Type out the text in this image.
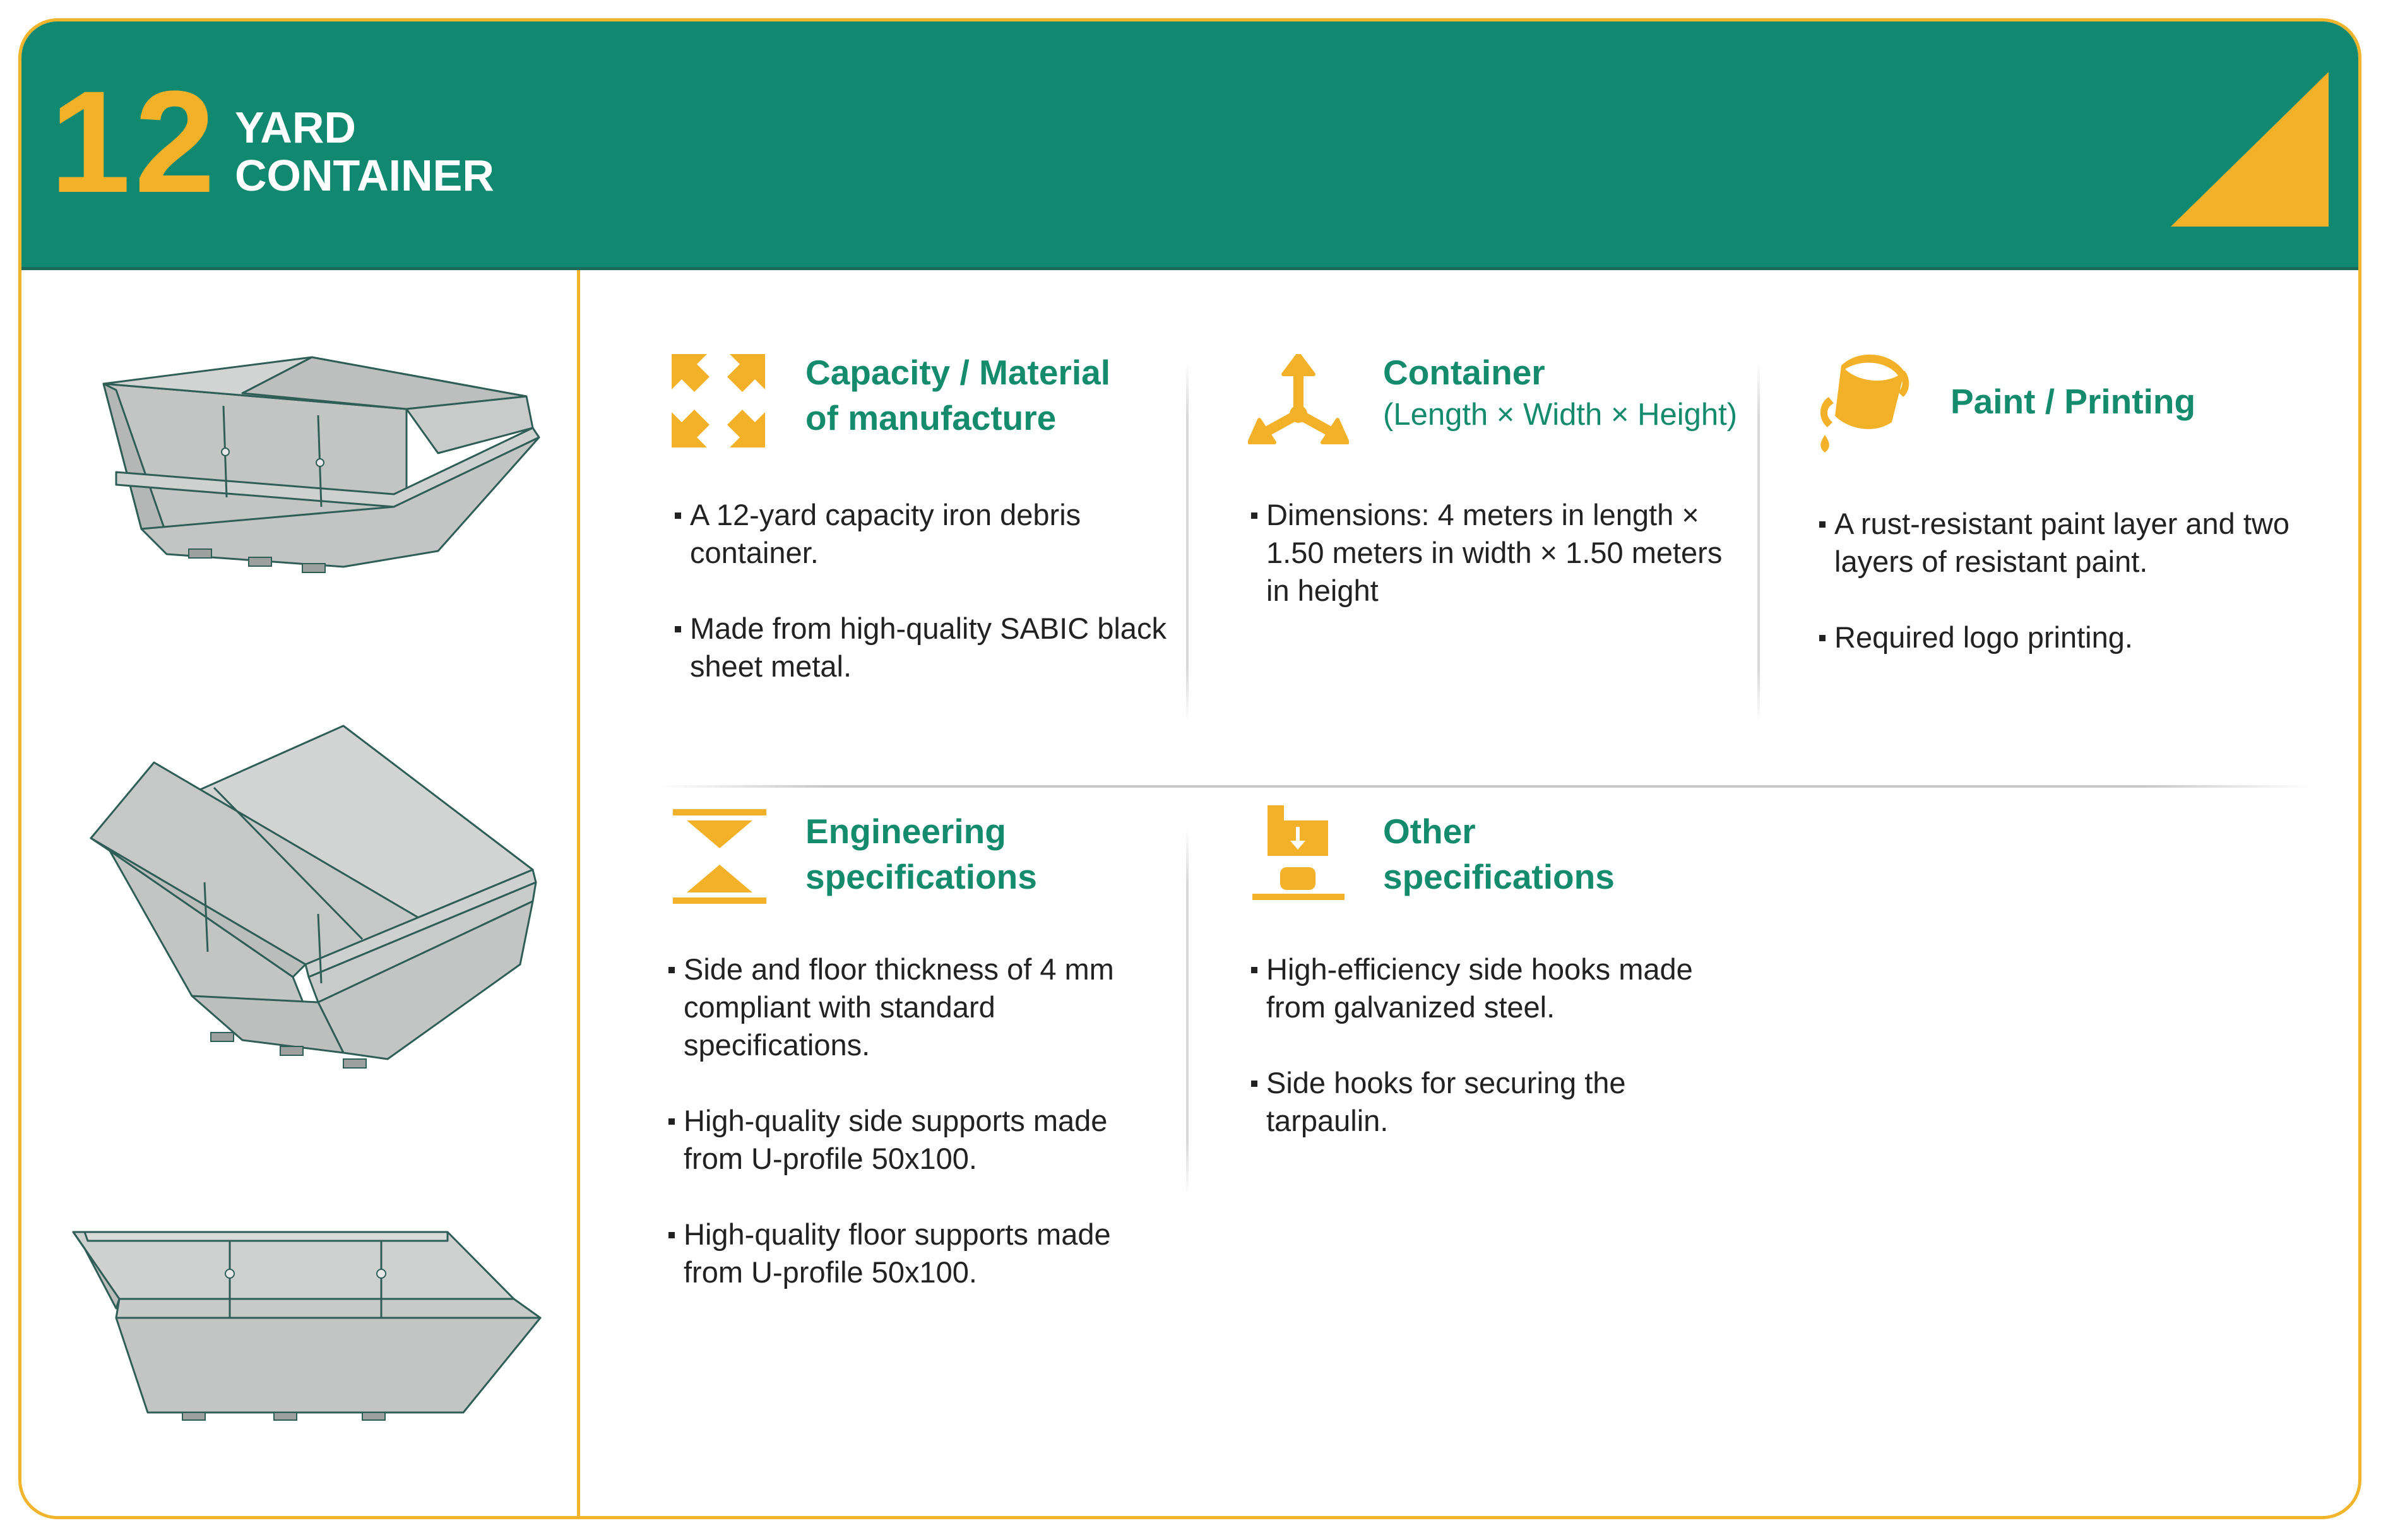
12 YARD
CONTAINER
Capacity / Material
of manufacture
A 12-yard capacity iron debris
container.
Made from high-quality SABIC black
sheet metal.
Container
(Length × Width × Height)
Dimensions: 4 meters in length ×
1.50 meters in width × 1.50 meters
in height
Paint / Printing
A rust-resistant paint layer and two
layers of resistant paint.
Required logo printing.
Engineering
specifications
Side and floor thickness of 4 mm
compliant with standard
specifications.
High-quality side supports made
from U-profile 50x100.
High-quality floor supports made
from U-profile 50x100.
Other
specifications
High-efficiency side hooks made
from galvanized steel.
Side hooks for securing the
tarpaulin.
